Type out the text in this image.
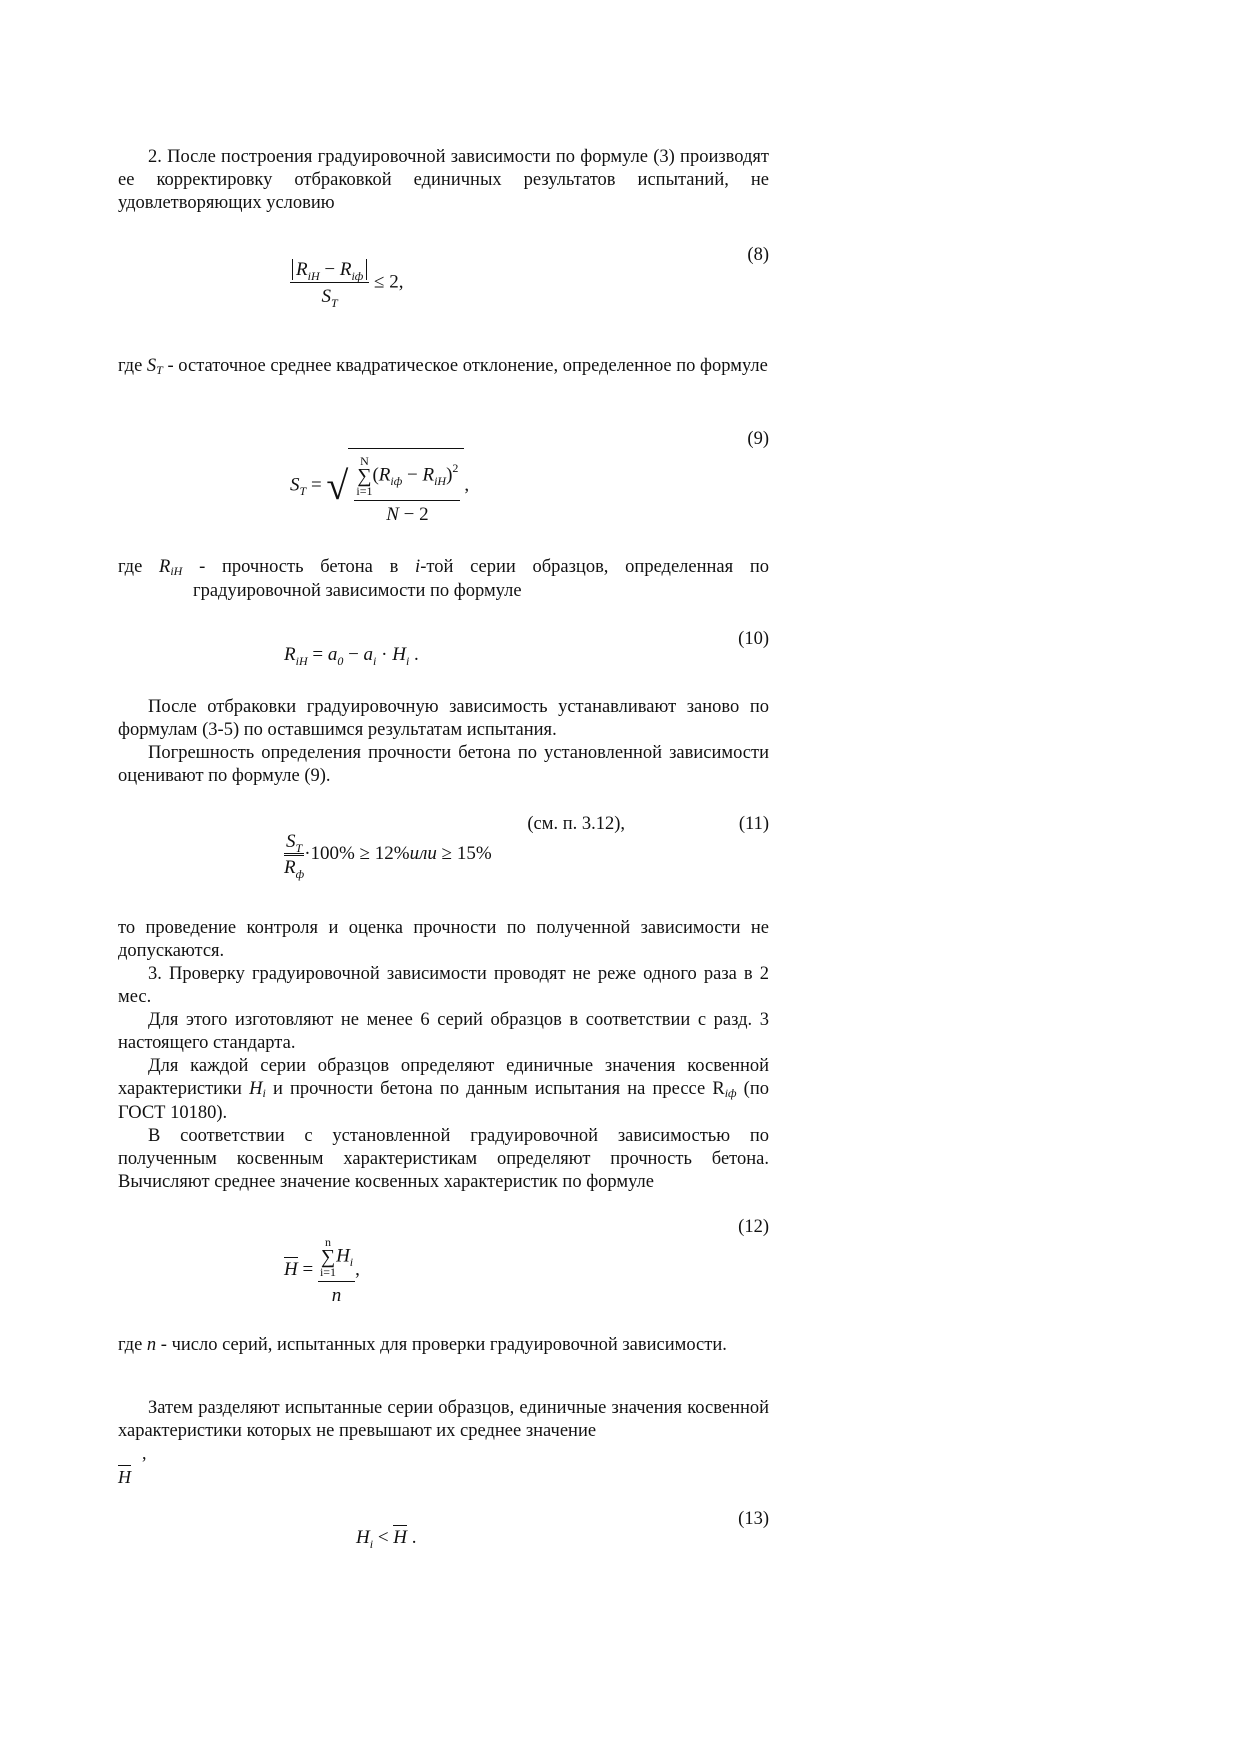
2. После построения градуировочной зависимости по формуле (3) производят ее корректировку отбраковкой единичных результатов испытаний, не удовлетворяющих условию

(8)
$\frac{R_{iH} - R_{iф}}{S_T} \le 2$,

где ST - остаточное среднее квадратическое отклонение, определенное по формуле

(9)
$S_T$ = √ N
∑
i=1
$(R_{iф} - R_{iH})^2$
N − 2 ,

где RiH - прочность бетона в i-той серии образцов, определенная по градуировочной зависимости по формуле

(10)
$R_{iH} = a_0 - a_i \cdot H_i$ .

После отбраковки градуировочную зависимость устанавливают заново по формулам (3-5) по оставшимся результатам испытания.

Погрешность определения прочности бетона по установленной зависимости оценивают по формуле (9).

(см. п. 3.12),	(11)
$\frac{S_T}{R_ф} \cdot 100\% \ge 12\%или \ge 15\%$

то проведение контроля и оценка прочности по полученной зависимости не допускаются.

3. Проверку градуировочной зависимости проводят не реже одного раза в 2 мес.

Для этого изготовляют не менее 6 серий образцов в соответствии с разд. 3 настоящего стандарта.

Для каждой серии образцов определяют единичные значения косвенной характеристики Hi и прочности бетона по данным испытания на прессе Riф (по ГОСТ 10180).

В соответствии с установленной градуировочной зависимостью по полученным косвенным характеристикам определяют прочность бетона. Вычисляют среднее значение косвенных характеристик по формуле

(12)
H = n
∑
i=1
$H_i$
n ,

где n - число серий, испытанных для проверки градуировочной зависимости.

Затем разделяют испытанные серии образцов, единичные значения косвенной характеристики которых не превышают их среднее значение

,
H
(13)
$H_i < H$ .
